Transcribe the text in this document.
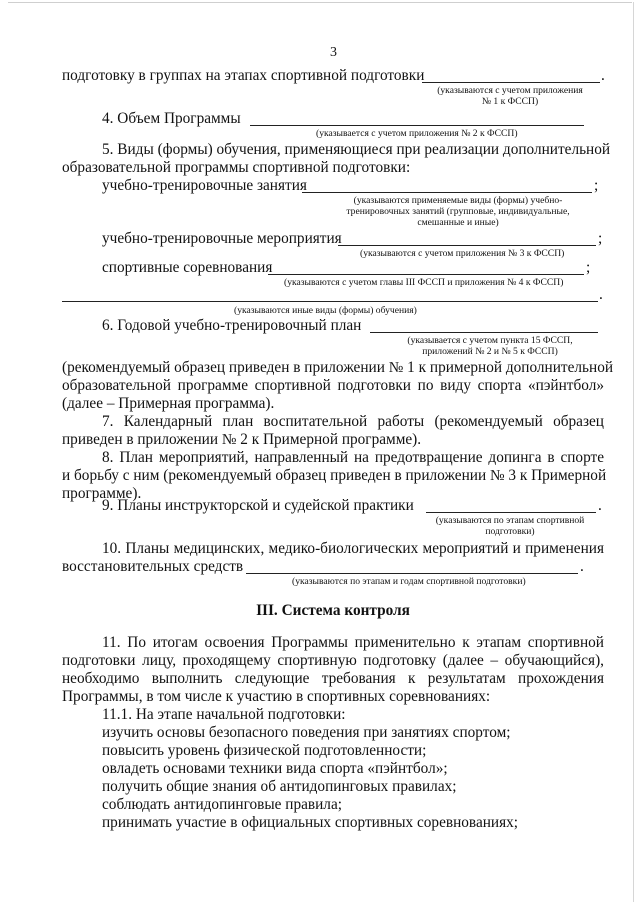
3
подготовку в группах на этапах спортивной подготовки	.
(указываются с учетом приложения
№ 1 к ФССП)
4. Объем Программы
(указывается с учетом приложения № 2 к ФССП)
5. Виды (формы) обучения, применяющиеся при реализации дополнительной
образовательной программы спортивной подготовки:
учебно-тренировочные занятия	;
(указываются применяемые виды (формы) учебно-
тренировочных занятий (групповые, индивидуальные,
смешанные и иные)
учебно-тренировочные мероприятия	;
(указываются с учетом приложения № 3 к ФССП)
спортивные соревнования	;
(указываются с учетом главы III ФССП и приложения № 4 к ФССП)
.
(указываются иные виды (формы) обучения)
6. Годовой учебно-тренировочный план
(указывается с учетом пункта 15 ФССП,
приложений № 2 и № 5 к ФССП)
(рекомендуемый образец приведен в приложении № 1 к примерной дополнительной
образовательной программе спортивной подготовки по виду спорта «пэйнтбол»
(далее – Примерная программа).
7. Календарный план воспитательной работы (рекомендуемый образец
приведен в приложении № 2 к Примерной программе).
8. План мероприятий, направленный на предотвращение допинга в спорте
и борьбу с ним (рекомендуемый образец приведен в приложении № 3 к Примерной
программе).
9. Планы инструкторской и судейской практики	.
(указываются по этапам спортивной
подготовки)
10. Планы медицинских, медико-биологических мероприятий и применения
восстановительных средств	.
(указываются по этапам и годам спортивной подготовки)
III. Система контроля
11. По итогам освоения Программы применительно к этапам спортивной
подготовки лицу, проходящему спортивную подготовку (далее – обучающийся),
необходимо выполнить следующие требования к результатам прохождения
Программы, в том числе к участию в спортивных соревнованиях:
11.1. На этапе начальной подготовки:
изучить основы безопасного поведения при занятиях спортом;
повысить уровень физической подготовленности;
овладеть основами техники вида спорта «пэйнтбол»;
получить общие знания об антидопинговых правилах;
соблюдать антидопинговые правила;
принимать участие в официальных спортивных соревнованиях;
